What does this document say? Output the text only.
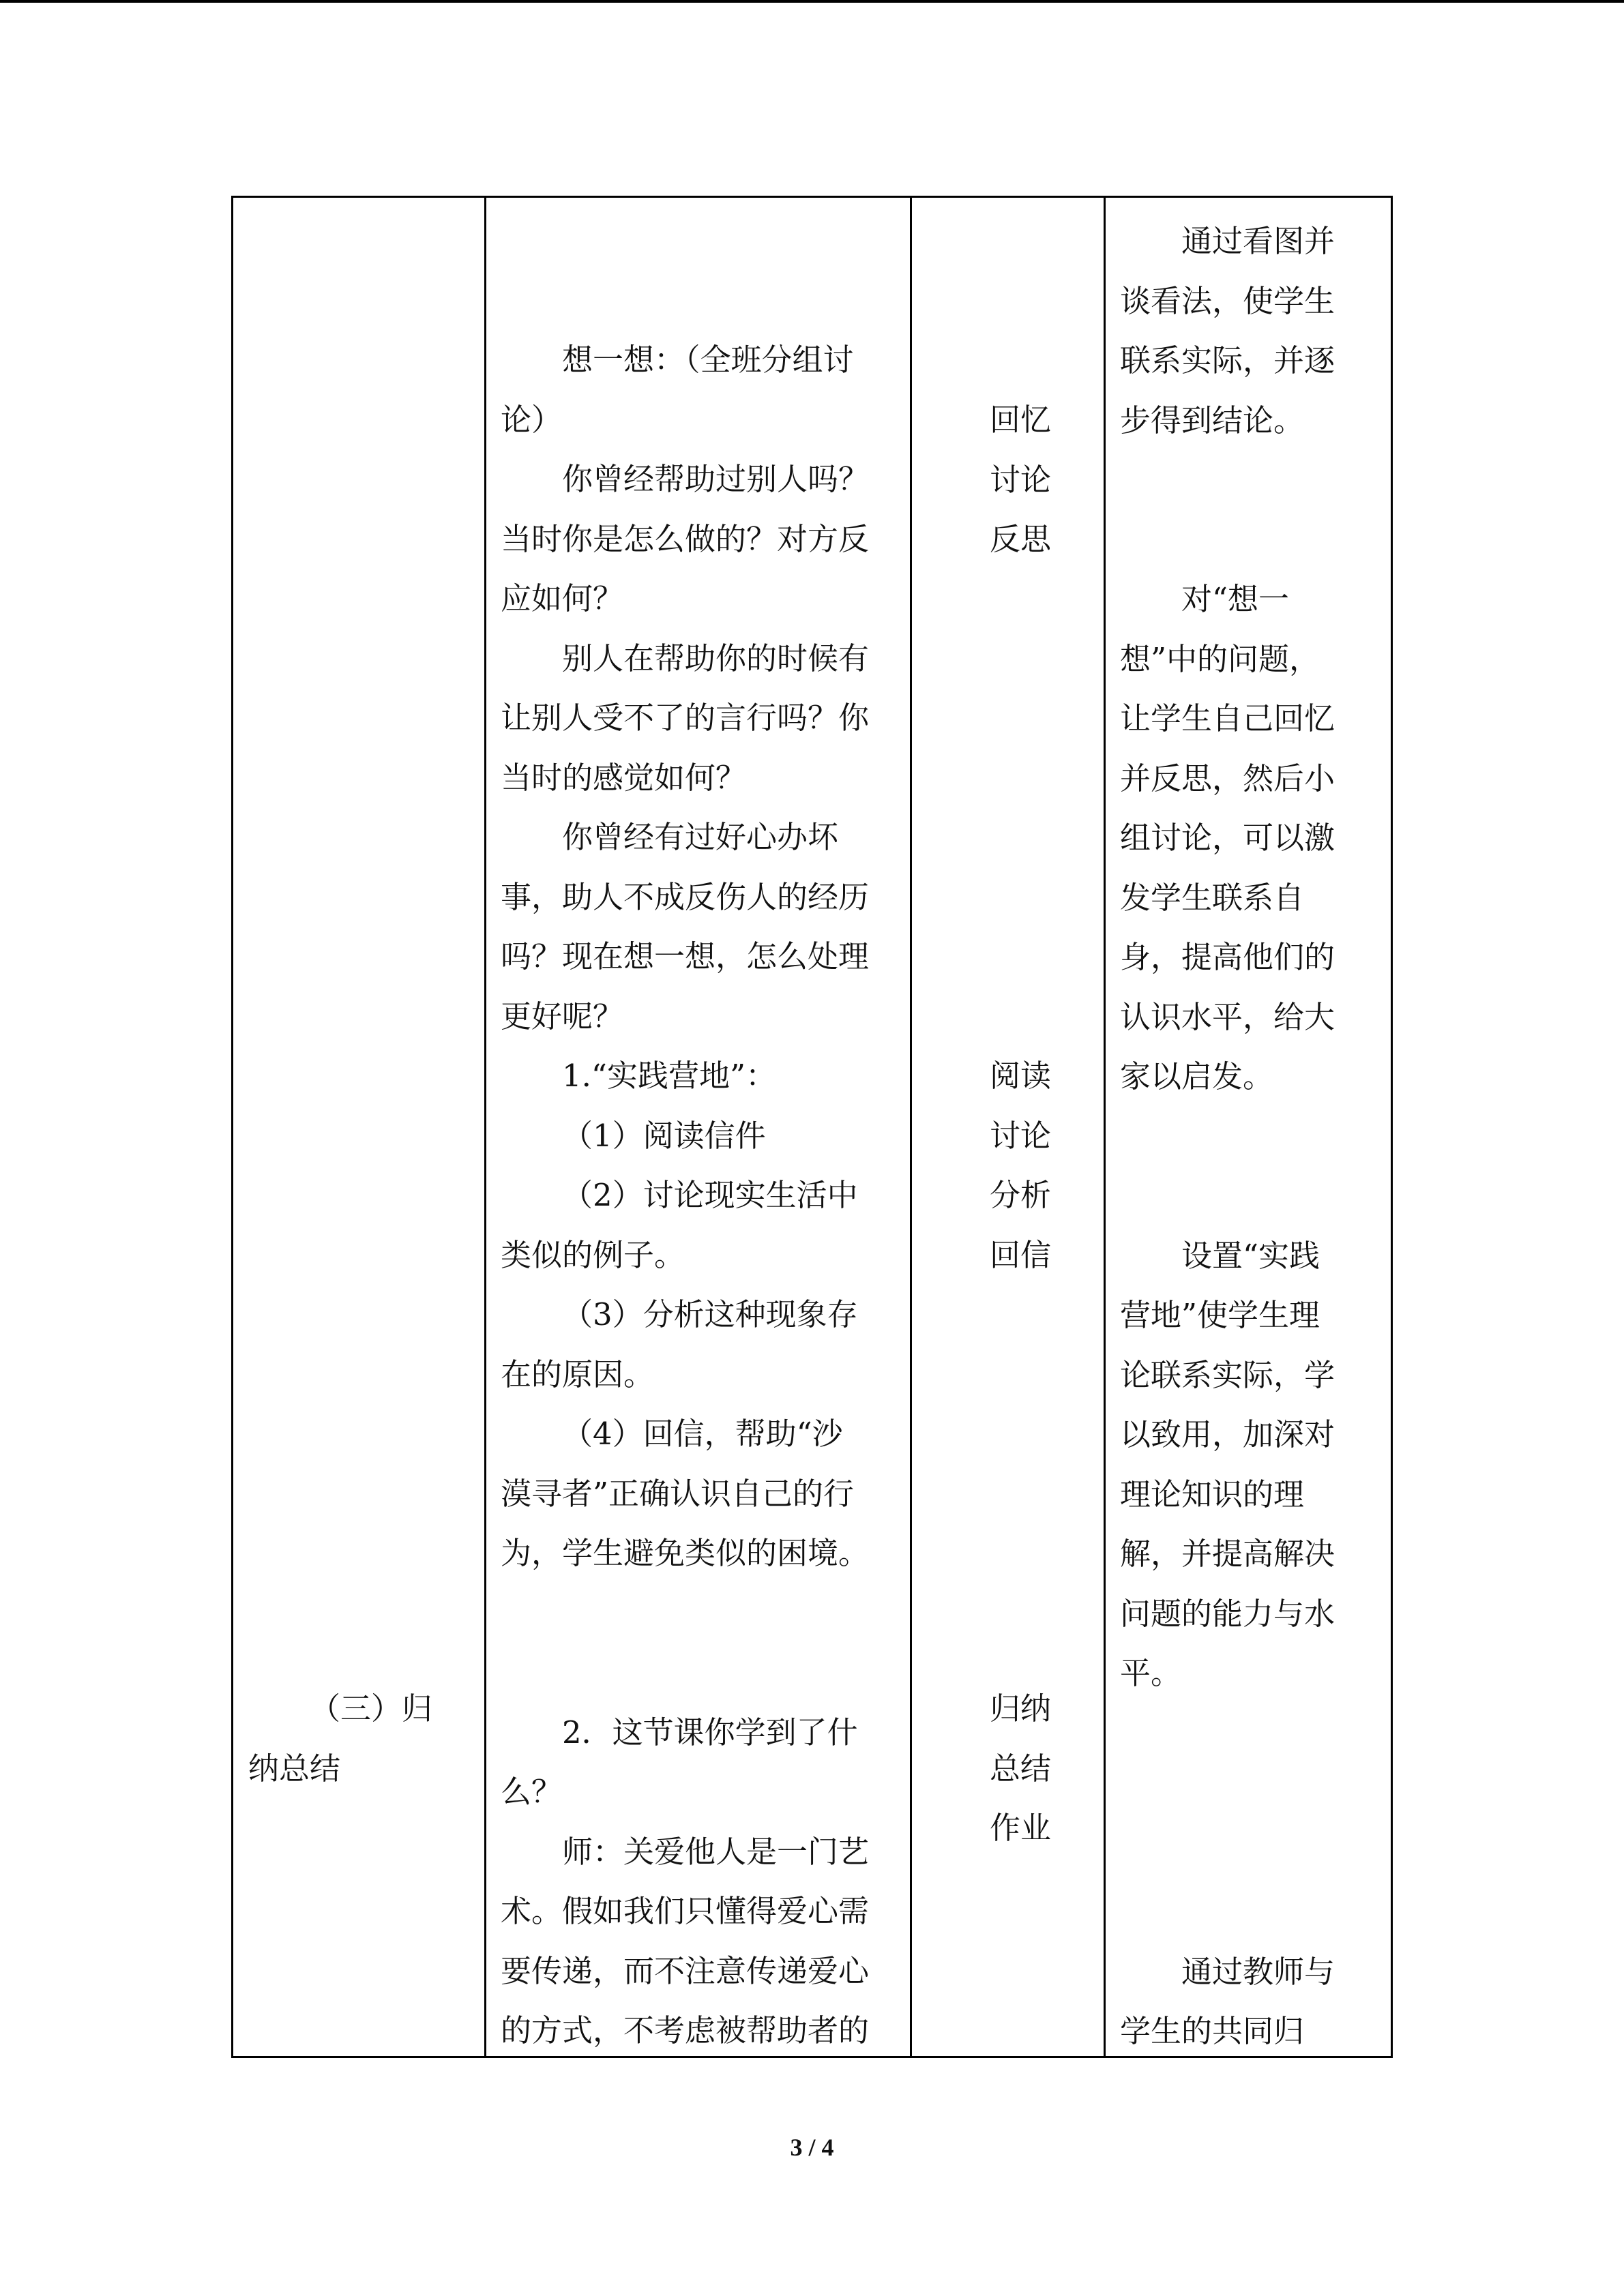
（三）归
纳总结
想一想：（全班分组讨
论）
你曾经帮助过别人吗？
当时你是怎么做的？对方反
应如何？
别人在帮助你的时候有
让别人受不了的言行吗？你
当时的感觉如何？
你曾经有过好心办坏
事，助人不成反伤人的经历
吗？现在想一想，怎么处理
更好呢？
1.“实践营地”：
（1）阅读信件
（2）讨论现实生活中
类似的例子。
（3）分析这种现象存
在的原因。
（4）回信，帮助“沙
漠寻者”正确认识自己的行
为，学生避免类似的困境。

2．这节课你学到了什
么？
师：关爱他人是一门艺
术。假如我们只懂得爱心需
要传递，而不注意传递爱心
的方式，不考虑被帮助者的
回忆
讨论
反思
阅读
讨论
分析
回信
归纳
总结
作业
通过看图并
谈看法，使学生
联系实际，并逐
步得到结论。

对“想一
想”中的问题，
让学生自己回忆
并反思，然后小
组讨论，可以激
发学生联系自
身，提高他们的
认识水平，给大
家以启发。

设置“实践
营地”使学生理
论联系实际，学
以致用，加深对
理论知识的理
解，并提高解决
问题的能力与水
平。

通过教师与
学生的共同归
3 / 4
